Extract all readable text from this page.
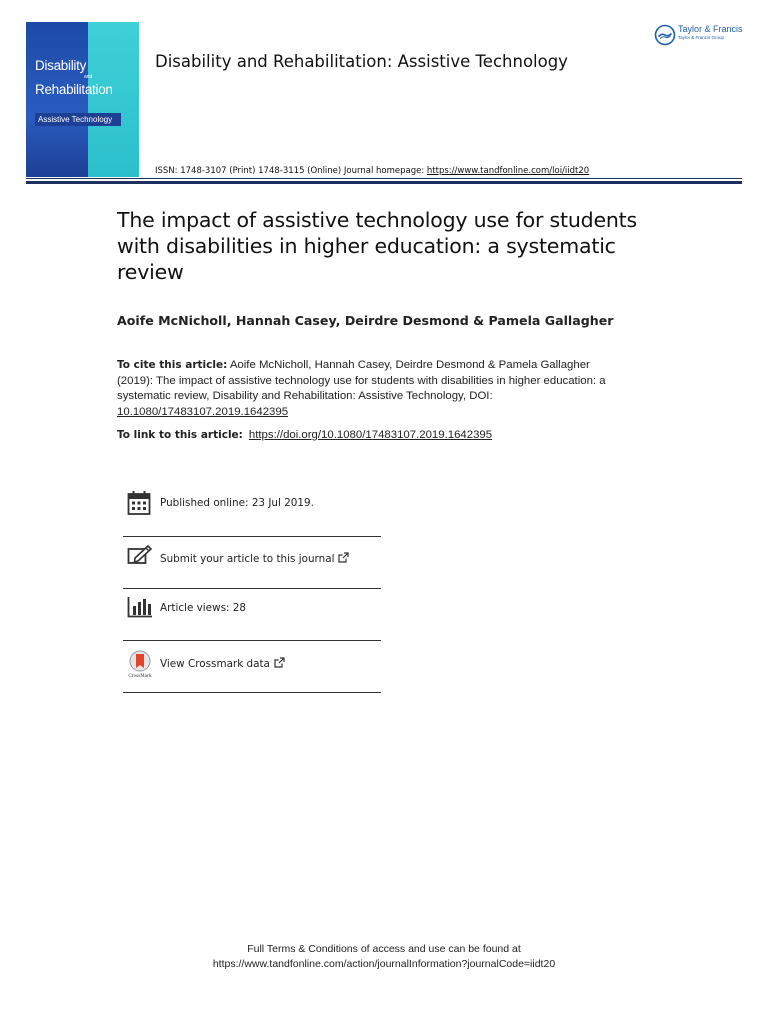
Disability
and
Rehabilitation
Assistive Technology
Disability and Rehabilitation: Assistive Technology
Taylor & Francis
Taylor & Francis Group
ISSN: 1748-3107 (Print) 1748-3115 (Online) Journal homepage: https://www.tandfonline.com/loi/iidt20
The impact of assistive technology use for students with disabilities in higher education: a systematic review
Aoife McNicholl, Hannah Casey, Deirdre Desmond & Pamela Gallagher
To cite this article: Aoife McNicholl, Hannah Casey, Deirdre Desmond & Pamela Gallagher (2019): The impact of assistive technology use for students with disabilities in higher education: a systematic review, Disability and Rehabilitation: Assistive Technology, DOI: 10.1080/17483107.2019.1642395
To link to this article: https://doi.org/10.1080/17483107.2019.1642395
Published online: 23 Jul 2019.
Submit your article to this journal
Article views: 28
CrossMark
View Crossmark data
Full Terms & Conditions of access and use can be found at
https://www.tandfonline.com/action/journalInformation?journalCode=iidt20
